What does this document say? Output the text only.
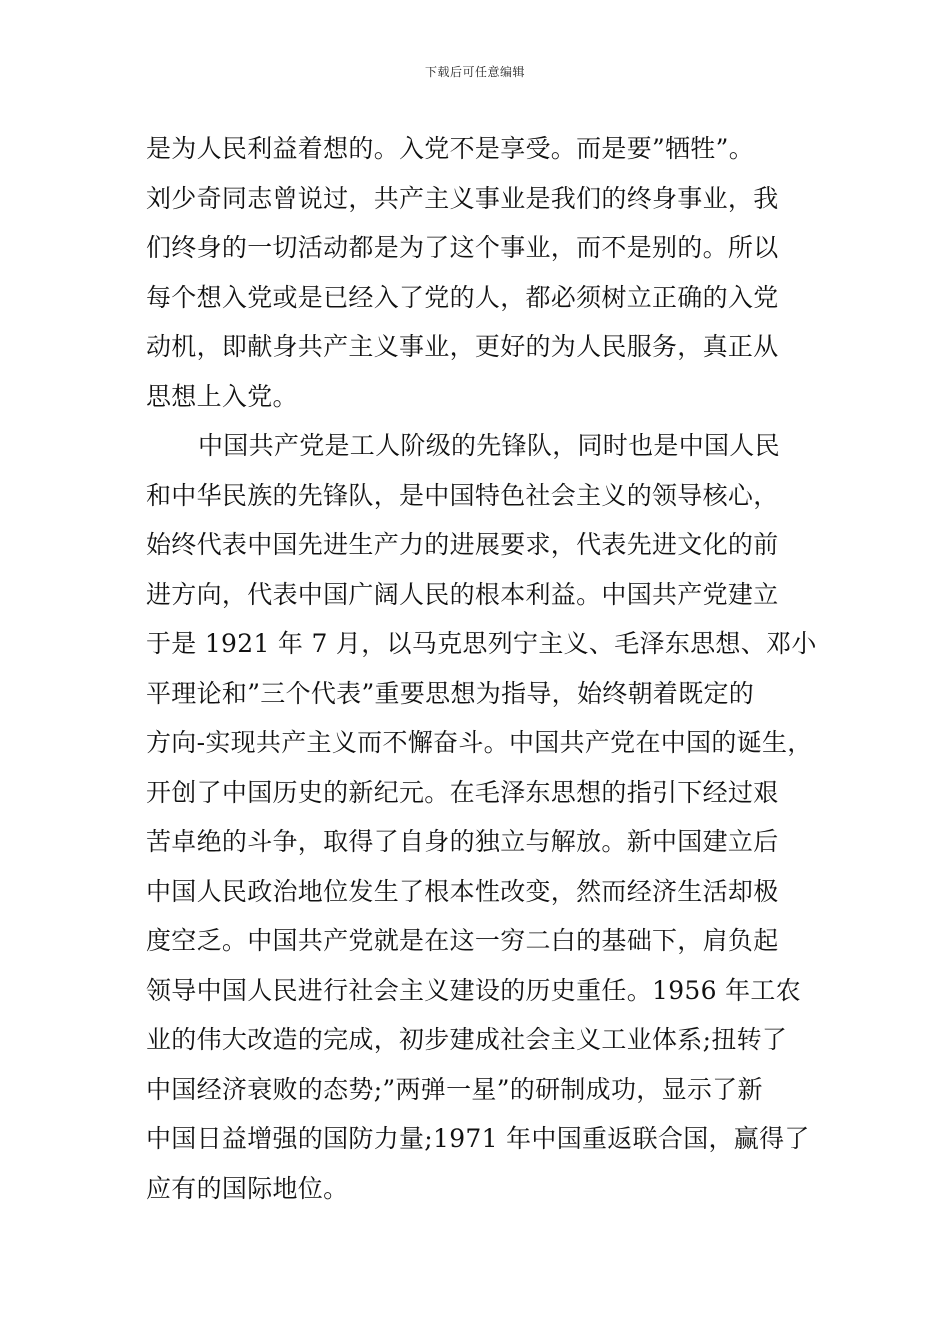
下载后可任意编辑
是为人民利益着想的。入党不是享受。而是要”牺牲”。
刘少奇同志曾说过，共产主义事业是我们的终身事业，我
们终身的一切活动都是为了这个事业，而不是别的。所以
每个想入党或是已经入了党的人，都必须树立正确的入党
动机，即献身共产主义事业，更好的为人民服务，真正从
思想上入党。
中国共产党是工人阶级的先锋队，同时也是中国人民
和中华民族的先锋队，是中国特色社会主义的领导核心，
始终代表中国先进生产力的进展要求，代表先进文化的前
进方向，代表中国广阔人民的根本利益。中国共产党建立
于是 1921 年 7 月，以马克思列宁主义、毛泽东思想、邓小
平理论和”三个代表”重要思想为指导，始终朝着既定的
方向-实现共产主义而不懈奋斗。中国共产党在中国的诞生，
开创了中国历史的新纪元。在毛泽东思想的指引下经过艰
苦卓绝的斗争，取得了自身的独立与解放。新中国建立后
中国人民政治地位发生了根本性改变，然而经济生活却极
度空乏。中国共产党就是在这一穷二白的基础下，肩负起
领导中国人民进行社会主义建设的历史重任。1956 年工农
业的伟大改造的完成，初步建成社会主义工业体系;扭转了
中国经济衰败的态势;”两弹一星”的研制成功，显示了新
中国日益增强的国防力量;1971 年中国重返联合国，赢得了
应有的国际地位。
